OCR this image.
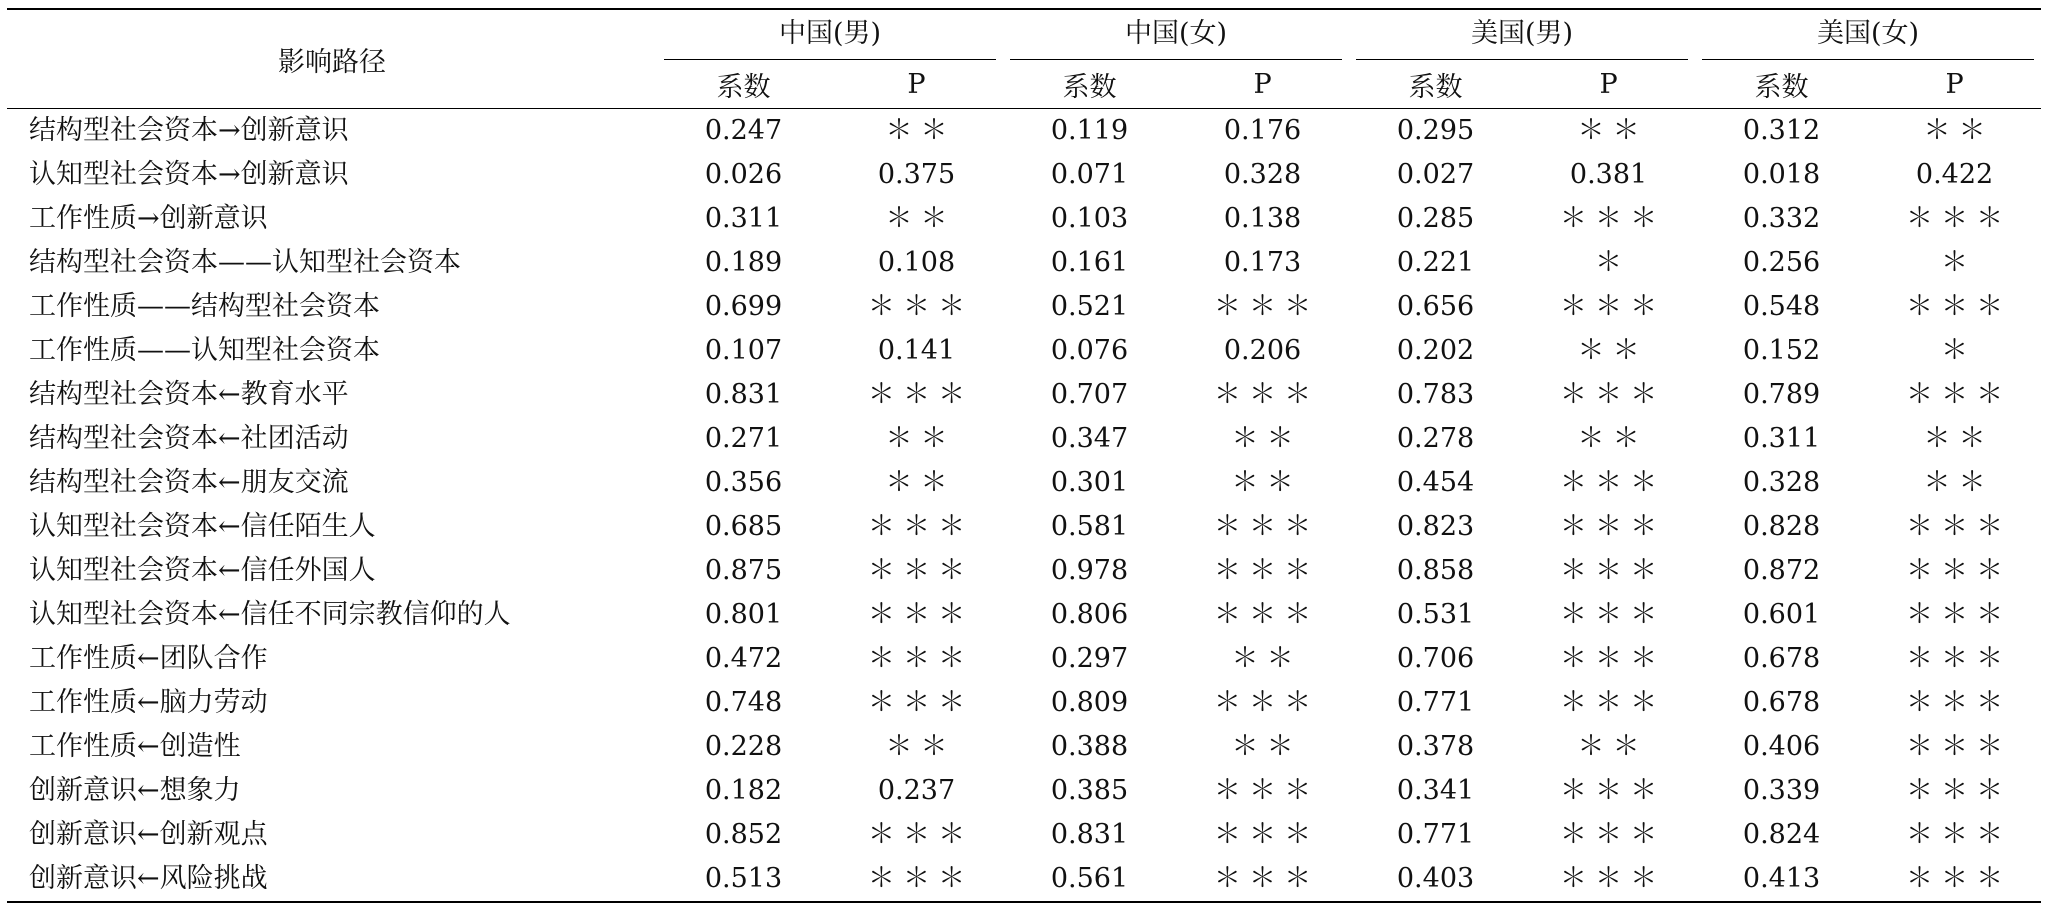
影响路径	中国(男)		中国(女)		美国(男)		美国(女)	

	系数	P	系数	P	系数	P	系数	P
结构型社会资本→创新意识	0.247	＊＊	0.119	0.176	0.295	＊＊	0.312	＊＊
认知型社会资本→创新意识	0.026	0.375	0.071	0.328	0.027	0.381	0.018	0.422
工作性质→创新意识	0.311	＊＊	0.103	0.138	0.285	＊＊＊	0.332	＊＊＊
结构型社会资本——认知型社会资本	0.189	0.108	0.161	0.173	0.221	＊	0.256	＊
工作性质——结构型社会资本	0.699	＊＊＊	0.521	＊＊＊	0.656	＊＊＊	0.548	＊＊＊
工作性质——认知型社会资本	0.107	0.141	0.076	0.206	0.202	＊＊	0.152	＊
结构型社会资本←教育水平	0.831	＊＊＊	0.707	＊＊＊	0.783	＊＊＊	0.789	＊＊＊
结构型社会资本←社团活动	0.271	＊＊	0.347	＊＊	0.278	＊＊	0.311	＊＊
结构型社会资本←朋友交流	0.356	＊＊	0.301	＊＊	0.454	＊＊＊	0.328	＊＊
认知型社会资本←信任陌生人	0.685	＊＊＊	0.581	＊＊＊	0.823	＊＊＊	0.828	＊＊＊
认知型社会资本←信任外国人	0.875	＊＊＊	0.978	＊＊＊	0.858	＊＊＊	0.872	＊＊＊
认知型社会资本←信任不同宗教信仰的人	0.801	＊＊＊	0.806	＊＊＊	0.531	＊＊＊	0.601	＊＊＊
工作性质←团队合作	0.472	＊＊＊	0.297	＊＊	0.706	＊＊＊	0.678	＊＊＊
工作性质←脑力劳动	0.748	＊＊＊	0.809	＊＊＊	0.771	＊＊＊	0.678	＊＊＊
工作性质←创造性	0.228	＊＊	0.388	＊＊	0.378	＊＊	0.406	＊＊＊
创新意识←想象力	0.182	0.237	0.385	＊＊＊	0.341	＊＊＊	0.339	＊＊＊
创新意识←创新观点	0.852	＊＊＊	0.831	＊＊＊	0.771	＊＊＊	0.824	＊＊＊
创新意识←风险挑战	0.513	＊＊＊	0.561	＊＊＊	0.403	＊＊＊	0.413	＊＊＊
